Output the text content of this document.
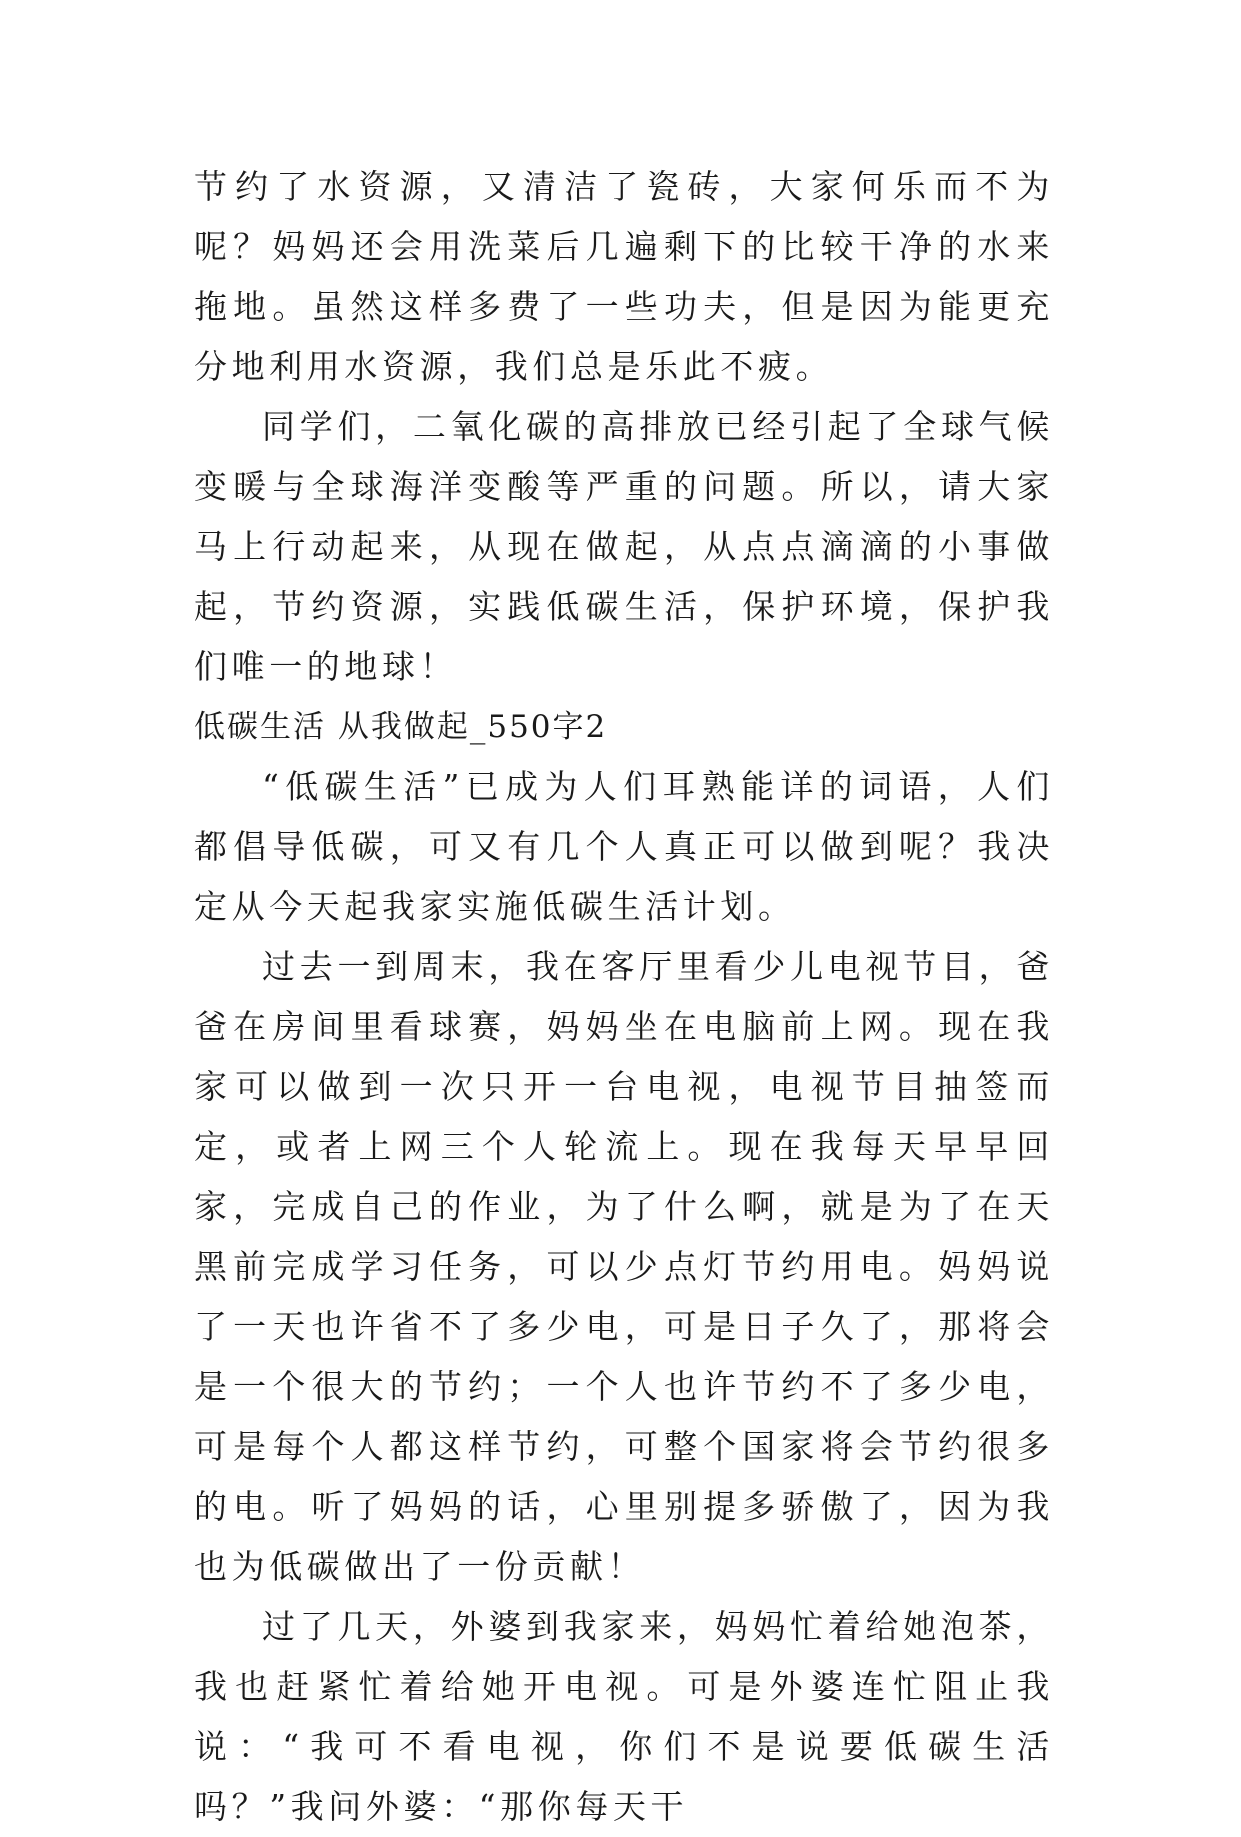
节约了水资源，又清洁了瓷砖，大家何乐而不为呢？妈妈还会用洗菜后几遍剩下的比较干净的水来拖地。虽然这样多费了一些功夫，但是因为能更充分地利用水资源，我们总是乐此不疲。

同学们，二氧化碳的高排放已经引起了全球气候变暖与全球海洋变酸等严重的问题。所以，请大家马上行动起来，从现在做起，从点点滴滴的小事做起，节约资源，实践低碳生活，保护环境，保护我们唯一的地球！

低碳生活 从我做起_550字2

“低碳生活”已成为人们耳熟能详的词语，人们都倡导低碳，可又有几个人真正可以做到呢？我决定从今天起我家实施低碳生活计划。

过去一到周末，我在客厅里看少儿电视节目，爸爸在房间里看球赛，妈妈坐在电脑前上网。现在我家可以做到一次只开一台电视，电视节目抽签而定，或者上网三个人轮流上。现在我每天早早回家，完成自己的作业，为了什么啊，就是为了在天黑前完成学习任务，可以少点灯节约用电。妈妈说了一天也许省不了多少电，可是日子久了，那将会是一个很大的节约；一个人也许节约不了多少电，可是每个人都这样节约，可整个国家将会节约很多的电。听了妈妈的话，心里别提多骄傲了，因为我也为低碳做出了一份贡献！

过了几天，外婆到我家来，妈妈忙着给她泡茶，我也赶紧忙着给她开电视。可是外婆连忙阻止我说：“我可不看电视，你们不是说要低碳生活吗？”我问外婆：“那你每天干
